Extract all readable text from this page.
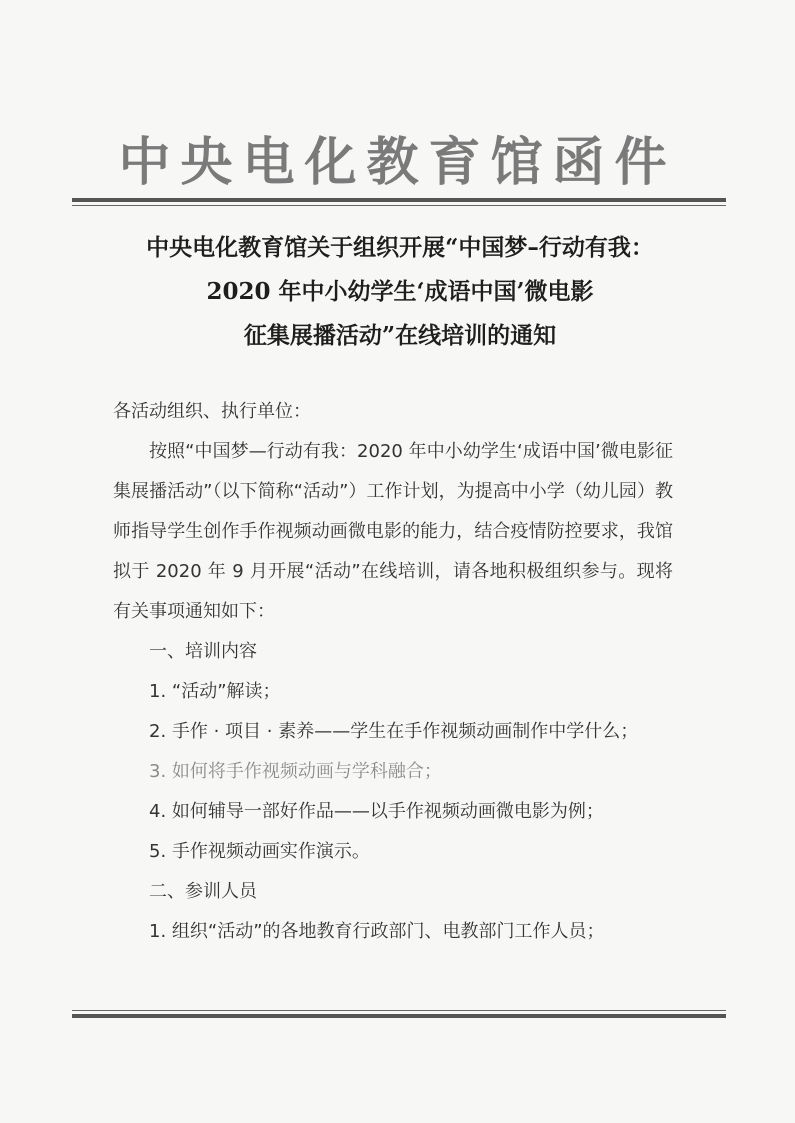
中央电化教育馆函件
中央电化教育馆关于组织开展“中国梦–行动有我：
2020 年中小幼学生‘成语中国’微电影
征集展播活动”在线培训的通知

各活动组织、执行单位：

按照“中国梦—行动有我：2020 年中小幼学生‘成语中国’微电影征集展播活动”（以下简称“活动”）工作计划，为提高中小学（幼儿园）教师指导学生创作手作视频动画微电影的能力，结合疫情防控要求，我馆拟于 2020 年 9 月开展“活动”在线培训，请各地积极组织参与。现将有关事项通知如下：

一、培训内容

1. “活动”解读；

2. 手作 · 项目 · 素养——学生在手作视频动画制作中学什么；

3. 如何将手作视频动画与学科融合；

4. 如何辅导一部好作品——以手作视频动画微电影为例；

5. 手作视频动画实作演示。

二、参训人员

1. 组织“活动”的各地教育行政部门、电教部门工作人员；
